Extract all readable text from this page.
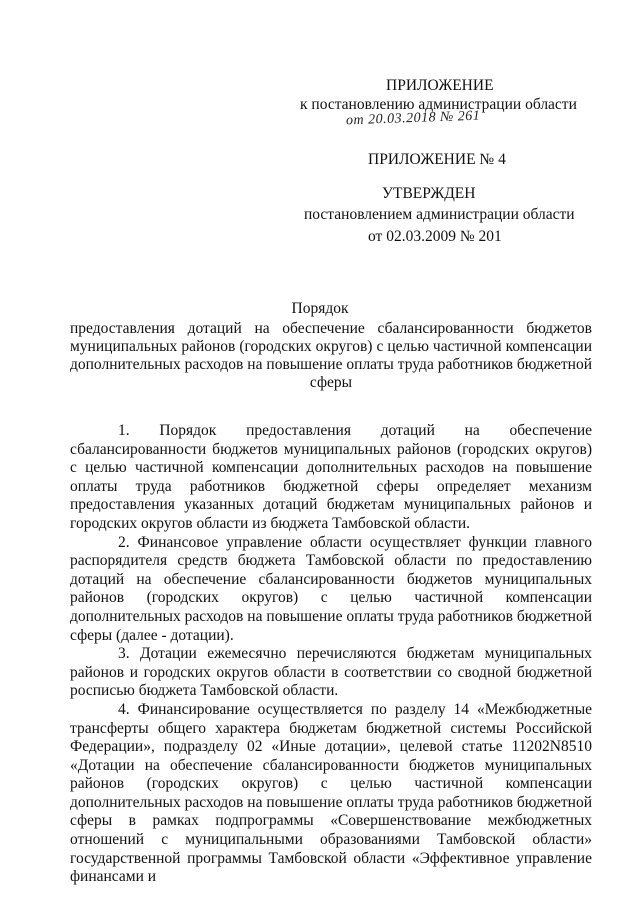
ПРИЛОЖЕНИЕ
к постановлению администрации области
от 20.03.2018 № 261
ПРИЛОЖЕНИЕ № 4
УТВЕРЖДЕН
постановлением администрации области
от 02.03.2009 № 201
Порядок
предоставления дотаций на обеспечение сбалансированности бюджетов муниципальных районов (городских округов) с целью частичной компенсации дополнительных расходов на повышение оплаты труда работников бюджетной сферы

1. Порядок предоставления дотаций на обеспечение сбалансированности бюджетов муниципальных районов (городских округов) с целью частичной компенсации дополнительных расходов на повышение оплаты труда работников бюджетной сферы определяет механизм предоставления указанных дотаций бюджетам муниципальных районов и городских округов области из бюджета Тамбовской области.

2. Финансовое управление области осуществляет функции главного распорядителя средств бюджета Тамбовской области по предоставлению дотаций на обеспечение сбалансированности бюджетов муниципальных районов (городских округов) с целью частичной компенсации дополнительных расходов на повышение оплаты труда работников бюджетной сферы (далее - дотации).

3. Дотации ежемесячно перечисляются бюджетам муниципальных районов и городских округов области в соответствии со сводной бюджетной росписью бюджета Тамбовской области.

4. Финансирование осуществляется по разделу 14 «Межбюджетные трансферты общего характера бюджетам бюджетной системы Российской Федерации», подразделу 02 «Иные дотации», целевой статье 11202N8510 «Дотации на обеспечение сбалансированности бюджетов муниципальных районов (городских округов) с целью частичной компенсации дополнительных расходов на повышение оплаты труда работников бюджетной сферы в рамках подпрограммы «Совершенствование межбюджетных отношений с муниципальными образованиями Тамбовской области» государственной программы Тамбовской области «Эффективное управление финансами и
